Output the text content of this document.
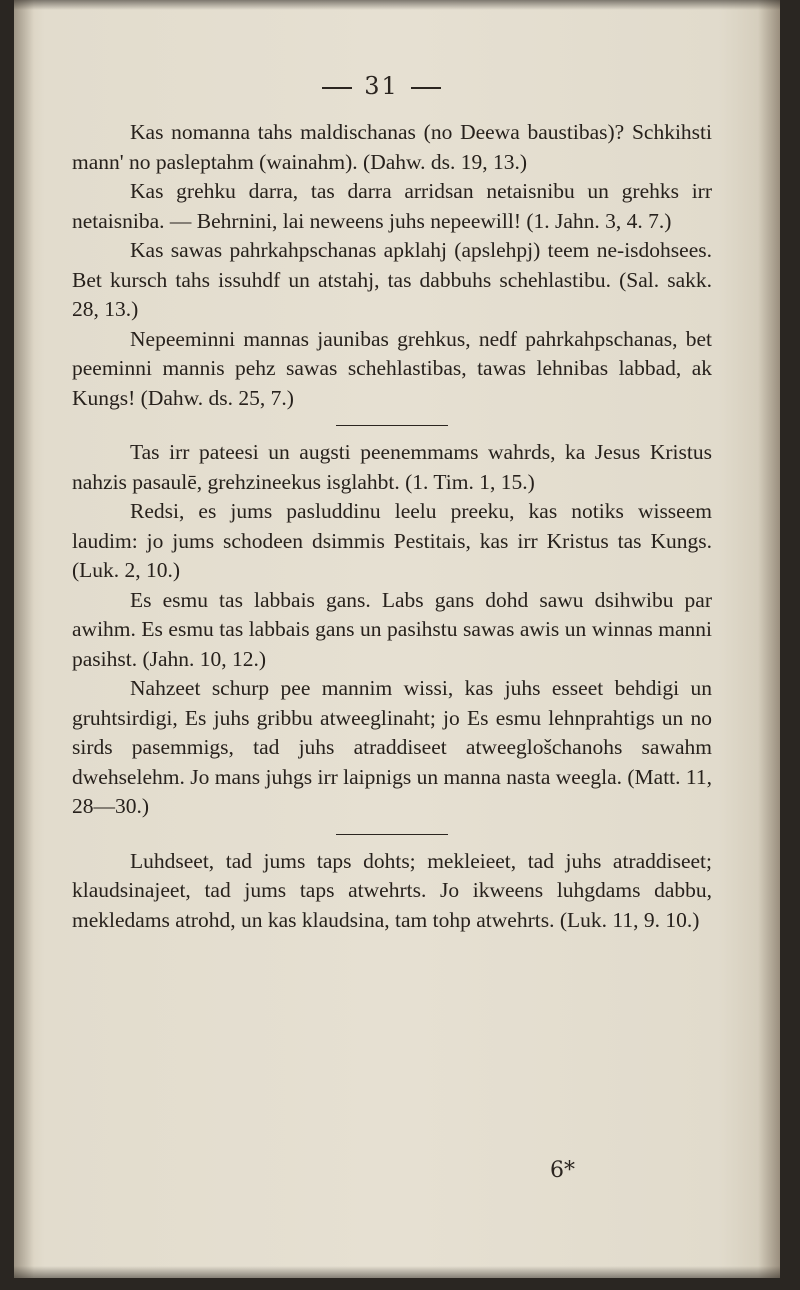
31

Kas nomanna tahs maldischanas (no Deewa baustibas)? Schkihsti mann' no pasleptahm (wainahm). (Dahw. ds. 19, 13.)

Kas grehku darra, tas darra arridsan netaisnibu un grehks irr netaisniba. — Behrnini, lai neweens juhs nepeewill! (1. Jahn. 3, 4. 7.)

Kas sawas pahrkahpschanas apklahj (apslehpj) teem ne-isdohsees. Bet kursch tahs issuhdf un atstahj, tas dabbuhs schehlastibu. (Sal. sakk. 28, 13.)

Nepeeminni mannas jaunibas grehkus, nedf pahrkahpschanas, bet peeminni mannis pehz sawas schehlastibas, tawas lehnibas labbad, ak Kungs! (Dahw. ds. 25, 7.)

Tas irr pateesi un augsti peenemmams wahrds, ka Jesus Kristus nahzis pasaulē, grehzineekus isglahbt. (1. Tim. 1, 15.)

Redsi, es jums pasluddinu leelu preeku, kas notiks wisseem laudim: jo jums schodeen dsimmis Pestitais, kas irr Kristus tas Kungs. (Luk. 2, 10.)

Es esmu tas labbais gans. Labs gans dohd sawu dsihwibu par awihm. Es esmu tas labbais gans un pasihstu sawas awis un winnas manni pasihst. (Jahn. 10, 12.)

Nahzeet schurp pee mannim wissi, kas juhs esseet behdigi un gruhtsirdigi, Es juhs gribbu atweeglinaht; jo Es esmu lehnprahtigs un no sirds pasemmigs, tad juhs atraddiseet atweeglošchanohs sawahm dwehselehm. Jo mans juhgs irr laipnigs un manna nasta weegla. (Matt. 11, 28—30.)

Luhdseet, tad jums taps dohts; mekleieet, tad juhs atraddiseet; klaudsinajeet, tad jums taps atwehrts. Jo ikweens luhgdams dabbu, mekledams atrohd, un kas klaudsina, tam tohp atwehrts. (Luk. 11, 9. 10.)

6*
